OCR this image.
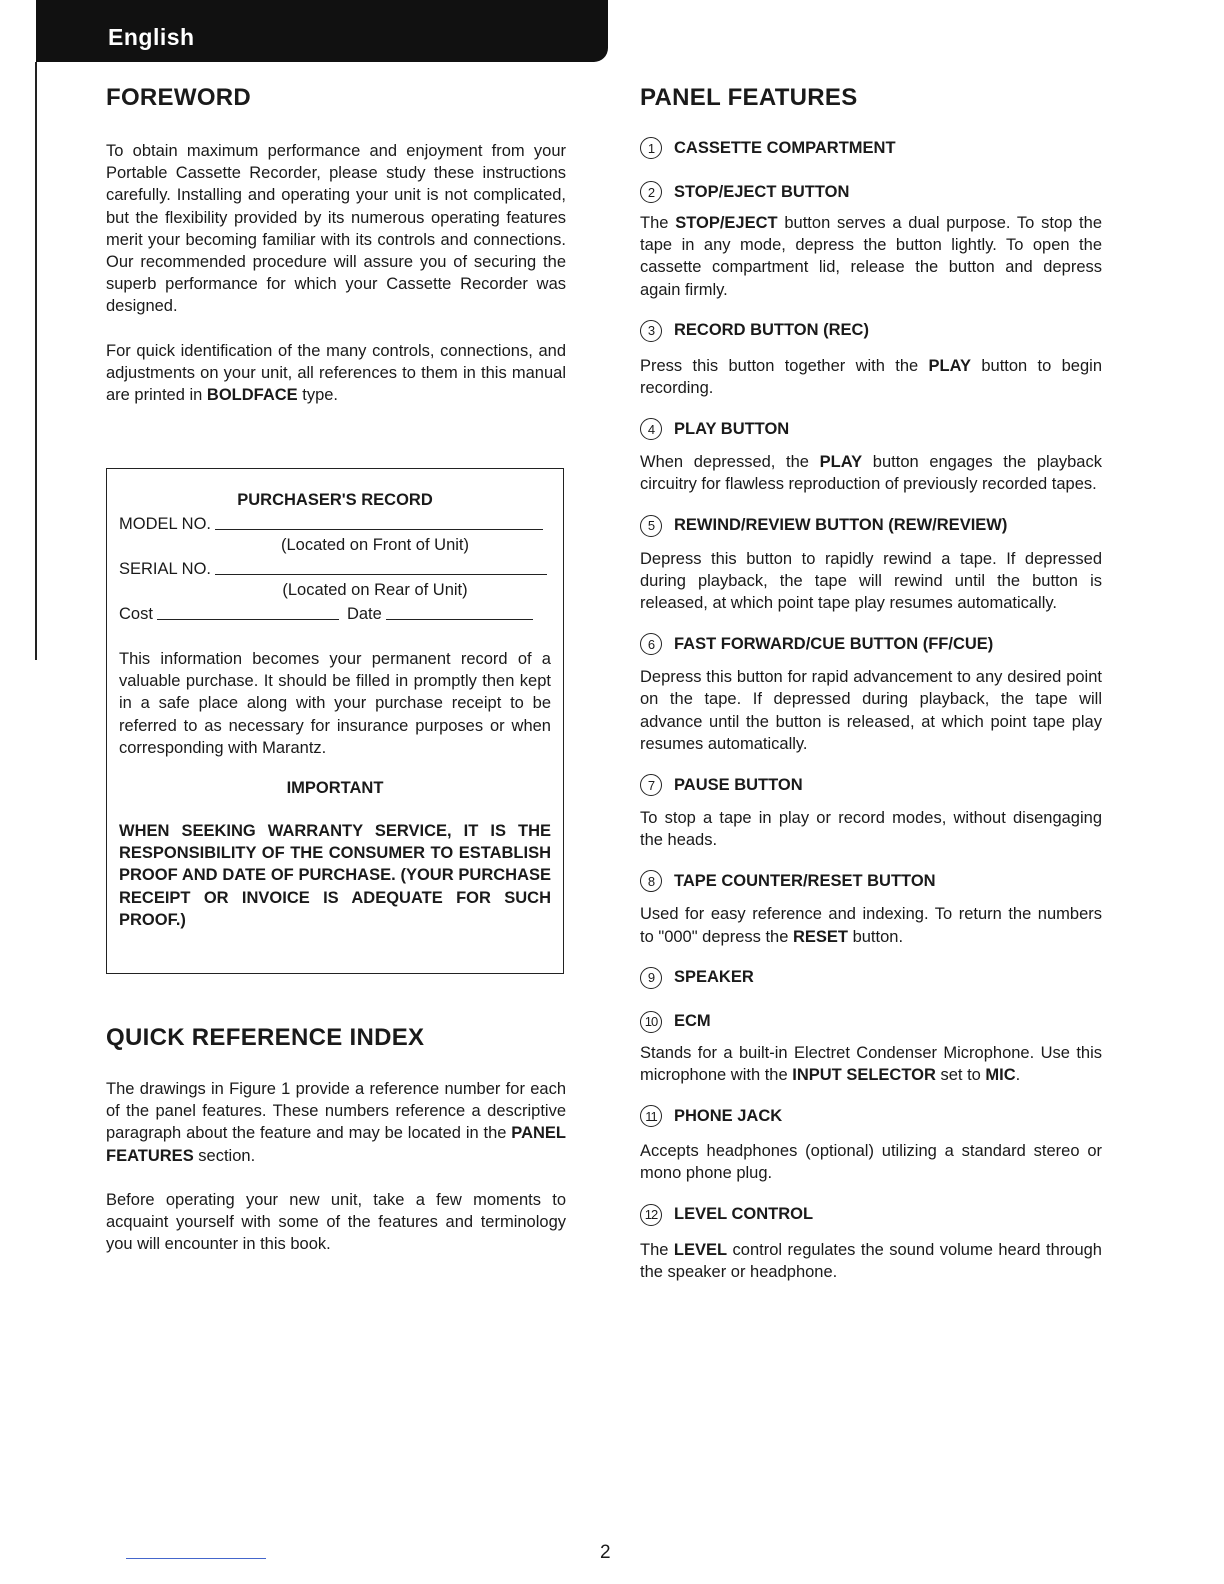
English
FOREWORD

To obtain maximum performance and enjoyment from your Portable Cassette Recorder, please study these instructions carefully. Installing and operating your unit is not complicated, but the flexibility provided by its numerous operating features merit your becoming familiar with its controls and connections. Our recommended procedure will assure you of securing the superb performance for which your Cassette Recorder was designed.

For quick identification of the many controls, connections, and adjustments on your unit, all references to them in this manual are printed in BOLDFACE type.

PURCHASER'S RECORD
MODEL NO.
(Located on Front of Unit)
SERIAL NO.
(Located on Rear of Unit)
Cost	Date

This information becomes your permanent record of a valuable purchase. It should be filled in promptly then kept in a safe place along with your purchase receipt to be referred to as necessary for insurance purposes or when corresponding with Marantz.

IMPORTANT
WHEN SEEKING WARRANTY SERVICE, IT IS THE RESPONSIBILITY OF THE CONSUMER TO ESTABLISH PROOF AND DATE OF PURCHASE. (YOUR PURCHASE RECEIPT OR INVOICE IS ADEQUATE FOR SUCH PROOF.)
QUICK REFERENCE INDEX

The drawings in Figure 1 provide a reference number for each of the panel features. These numbers reference a descriptive paragraph about the feature and may be located in the PANEL FEATURES section.

Before operating your new unit, take a few moments to acquaint yourself with some of the features and terminology you will encounter in this book.

PANEL FEATURES
1	CASSETTE COMPARTMENT
2	STOP/EJECT BUTTON

The STOP/EJECT button serves a dual purpose. To stop the tape in any mode, depress the button lightly. To open the cassette compartment lid, release the button and depress again firmly.

3	RECORD BUTTON (REC)

Press this button together with the PLAY button to begin recording.

4	PLAY BUTTON

When depressed, the PLAY button engages the playback circuitry for flawless reproduction of previously recorded tapes.

5	REWIND/REVIEW BUTTON (REW/REVIEW)

Depress this button to rapidly rewind a tape. If depressed during playback, the tape will rewind until the button is released, at which point tape play resumes automatically.

6	FAST FORWARD/CUE BUTTON (FF/CUE)

Depress this button for rapid advancement to any desired point on the tape. If depressed during playback, the tape will advance until the button is released, at which point tape play resumes automatically.

7	PAUSE BUTTON

To stop a tape in play or record modes, without disengaging the heads.

8	TAPE COUNTER/RESET BUTTON

Used for easy reference and indexing. To return the numbers to "000" depress the RESET button.

9	SPEAKER
10 ECM

Stands for a built-in Electret Condenser Microphone. Use this microphone with the INPUT SELECTOR set to MIC.

11	PHONE JACK

Accepts headphones (optional) utilizing a standard stereo or mono phone plug.

12 LEVEL CONTROL

The LEVEL control regulates the sound volume heard through the speaker or headphone.

2
